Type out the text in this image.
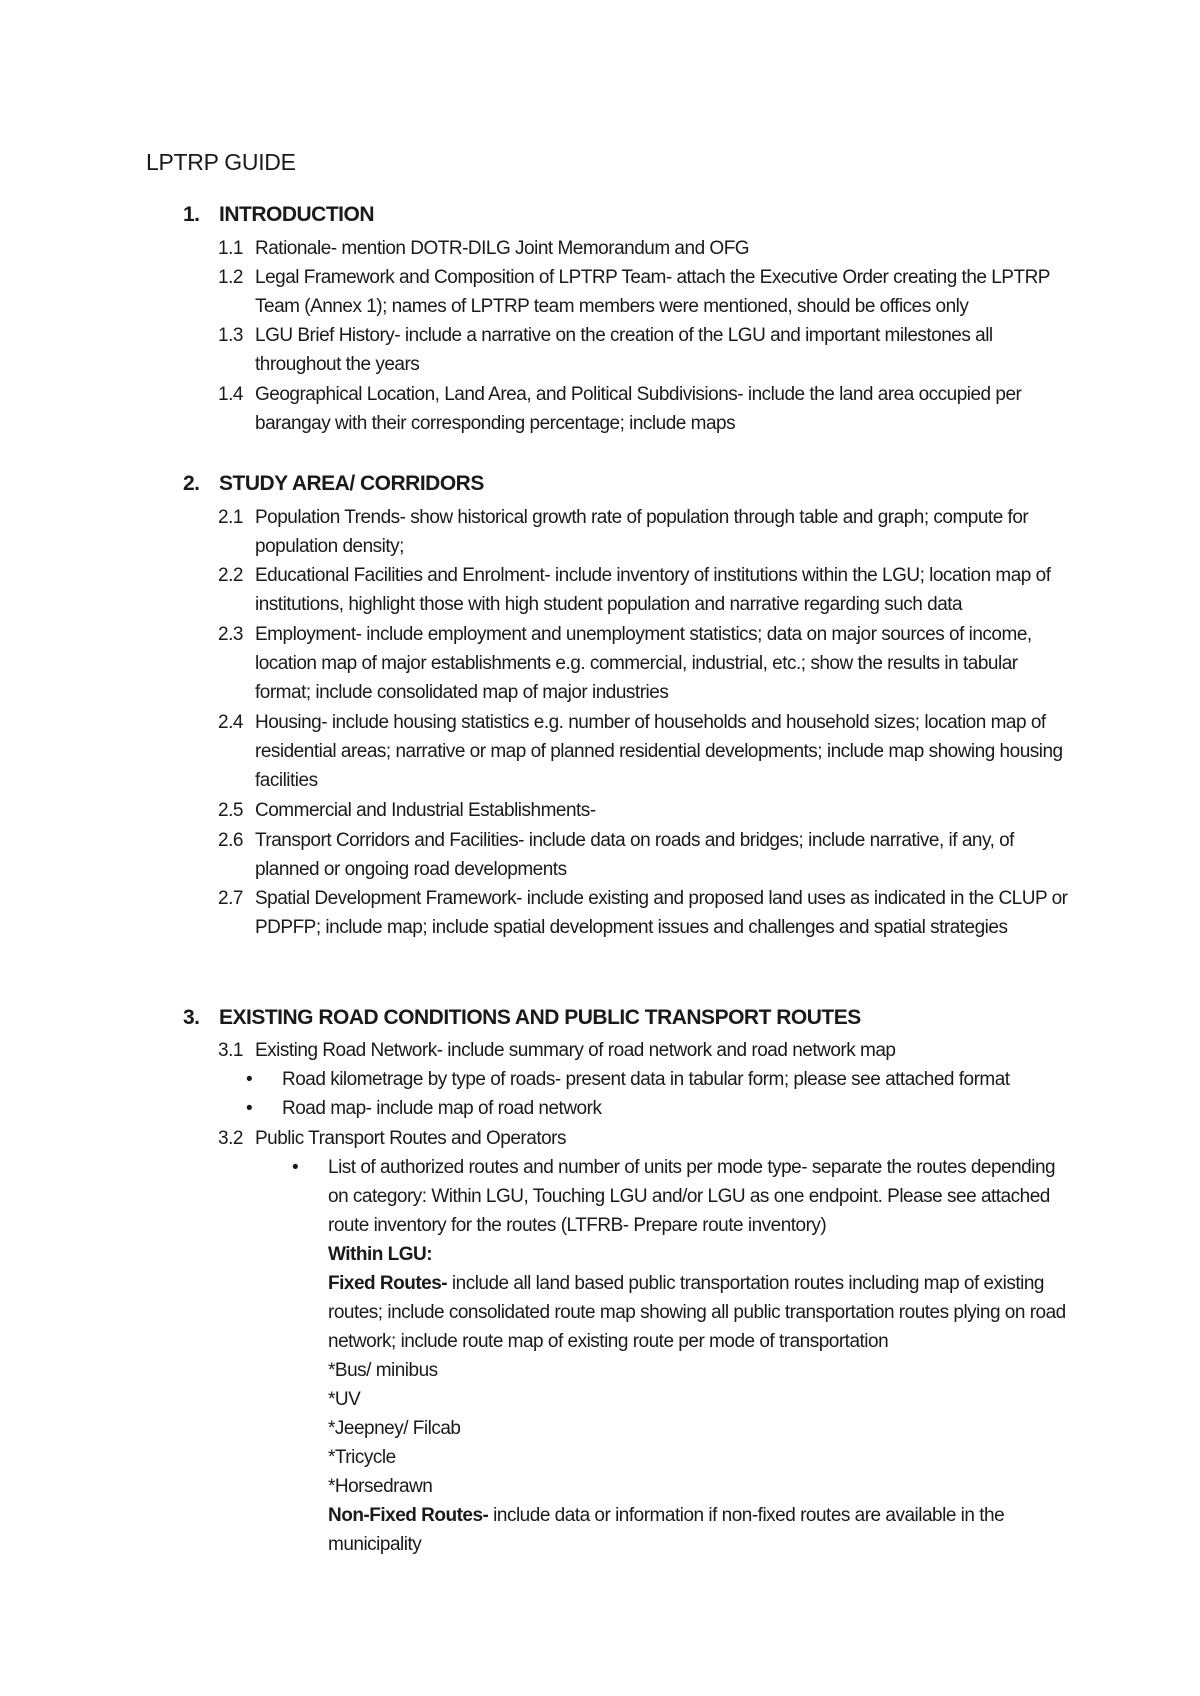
LPTRP GUIDE
1. INTRODUCTION
1.1 Rationale- mention DOTR-DILG Joint Memorandum and OFG
1.2 Legal Framework and Composition of LPTRP Team- attach the Executive Order creating the LPTRP Team (Annex 1); names of LPTRP team members were mentioned, should be offices only
1.3 LGU Brief History- include a narrative on the creation of the LGU and important milestones all throughout the years
1.4 Geographical Location, Land Area, and Political Subdivisions- include the land area occupied per barangay with their corresponding percentage; include maps
2. STUDY AREA/ CORRIDORS
2.1 Population Trends- show historical growth rate of population through table and graph; compute for population density;
2.2 Educational Facilities and Enrolment- include inventory of institutions within the LGU; location map of institutions, highlight those with high student population and narrative regarding such data
2.3 Employment- include employment and unemployment statistics; data on major sources of income, location map of major establishments e.g. commercial, industrial, etc.; show the results in tabular format; include consolidated map of major industries
2.4 Housing- include housing statistics e.g. number of households and household sizes; location map of residential areas; narrative or map of planned residential developments; include map showing housing facilities
2.5 Commercial and Industrial Establishments-
2.6 Transport Corridors and Facilities- include data on roads and bridges; include narrative, if any, of planned or ongoing road developments
2.7 Spatial Development Framework- include existing and proposed land uses as indicated in the CLUP or PDPFP; include map; include spatial development issues and challenges and spatial strategies
3. EXISTING ROAD CONDITIONS AND PUBLIC TRANSPORT ROUTES
3.1 Existing Road Network- include summary of road network and road network map
•	Road kilometrage by type of roads- present data in tabular form; please see attached format
•	Road map- include map of road network
3.2 Public Transport Routes and Operators
• List of authorized routes and number of units per mode type- separate the routes depending on category: Within LGU, Touching LGU and/or LGU as one endpoint. Please see attached route inventory for the routes (LTFRB- Prepare route inventory)

Within LGU:

Fixed Routes- include all land based public transportation routes including map of existing routes; include consolidated route map showing all public transportation routes plying on road network; include route map of existing route per mode of transportation

*Bus/ minibus

*UV

*Jeepney/ Filcab

*Tricycle

*Horsedrawn

Non-Fixed Routes- include data or information if non-fixed routes are available in the municipality
